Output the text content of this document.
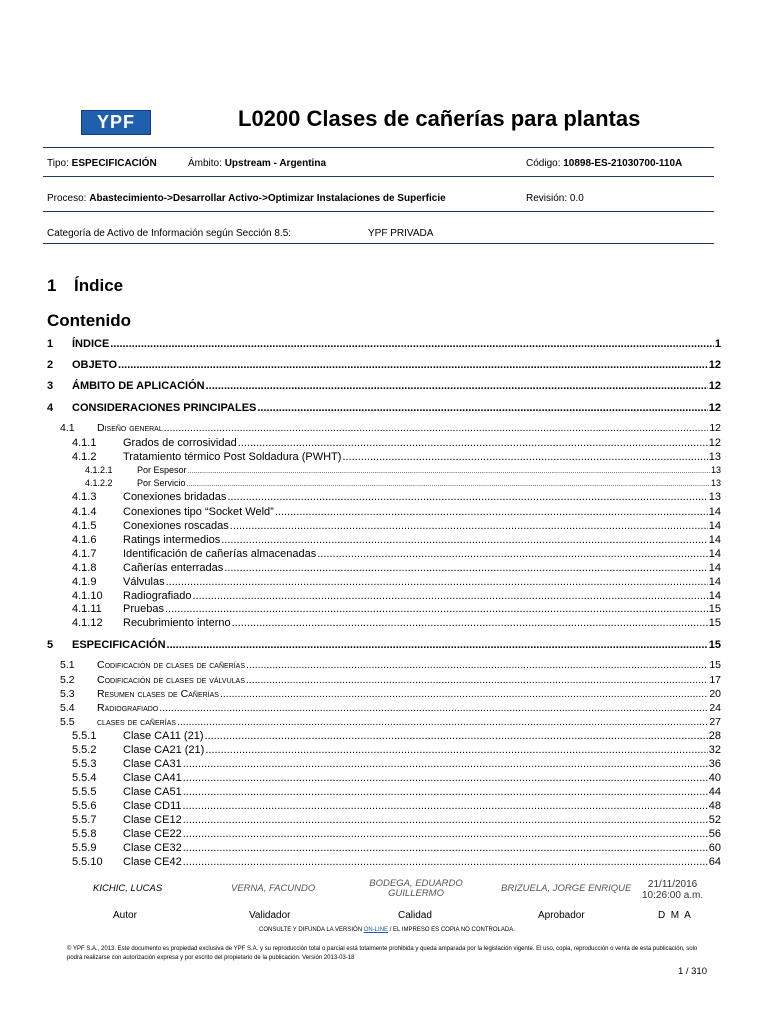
YPF	L0200 Clases de cañerías para plantas
Tipo: ESPECIFICACIÓN	Ámbito: Upstream - Argentina	Código: 10898-ES-21030700-110A
Proceso: Abastecimiento->Desarrollar Activo->Optimizar Instalaciones de Superficie	Revisión: 0.0
Categoría de Activo de Información según Sección 8.5:	YPF PRIVADA
1 Índice
Contenido
1	ÍNDICE .....	1
2	OBJETO .....	12
3	ÁMBITO DE APLICACIÓN .....	12
4	CONSIDERACIONES PRINCIPALES .....	12
4.1	Diseño general .....	12
4.1.1	Grados de corrosividad .....	12
4.1.2	Tratamiento térmico Post Soldadura (PWHT) .....	13
4.1.2.1	Por Espesor .....	13
4.1.2.2	Por Servicio .....	13
4.1.3	Conexiones bridadas .....	13
4.1.4	Conexiones tipo “Socket Weld” .....	14
4.1.5	Conexiones roscadas .....	14
4.1.6	Ratings intermedios .....	14
4.1.7	Identificación de cañerías almacenadas .....	14
4.1.8	Cañerías enterradas .....	14
4.1.9	Válvulas .....	14
4.1.10	Radiografiado .....	14
4.1.11	Pruebas .....	15
4.1.12	Recubrimiento interno .....	15
5	ESPECIFICACIÓN .....	15
5.1	Codificación de clases de cañerías .....	15
5.2	Codificación de clases de válvulas .....	17
5.3	Resumen clases de Cañerías .....	20
5.4	Radiografiado .....	24
5.5	clases de cañerías .....	27
5.5.1	Clase CA11 (21) .....	28
5.5.2	Clase CA21 (21) .....	32
5.5.3	Clase CA31 .....	36
5.5.4	Clase CA41 .....	40
5.5.5	Clase CA51 .....	44
5.5.6	Clase CD11 .....	48
5.5.7	Clase CE12 .....	52
5.5.8	Clase CE22 .....	56
5.5.9	Clase CE32 .....	60
5.5.10	Clase CE42 .....	64
KICHIC, LUCAS	VERNA, FACUNDO	BODEGA, EDUARDO GUILLERMO	BRIZUELA, JORGE ENRIQUE	21/11/2016
10:26:00 a.m.
Autor	Validador	Calidad	Aprobador	D  M  A
CONSULTE Y DIFUNDA LA VERSIÓN ON-LINE / EL IMPRESO ES COPIA NO CONTROLADA.
© YPF S.A., 2013. Este documento es propiedad exclusiva de YPF S.A. y su reproducción total o parcial está totalmente prohibida y queda amparada por la legislación vigente. El uso, copia, reproducción o venta de esta publicación, solo podrá realizarse con autorización expresa y por escrito del propietario de la publicación. Versión 2013-03-18
1 / 310
